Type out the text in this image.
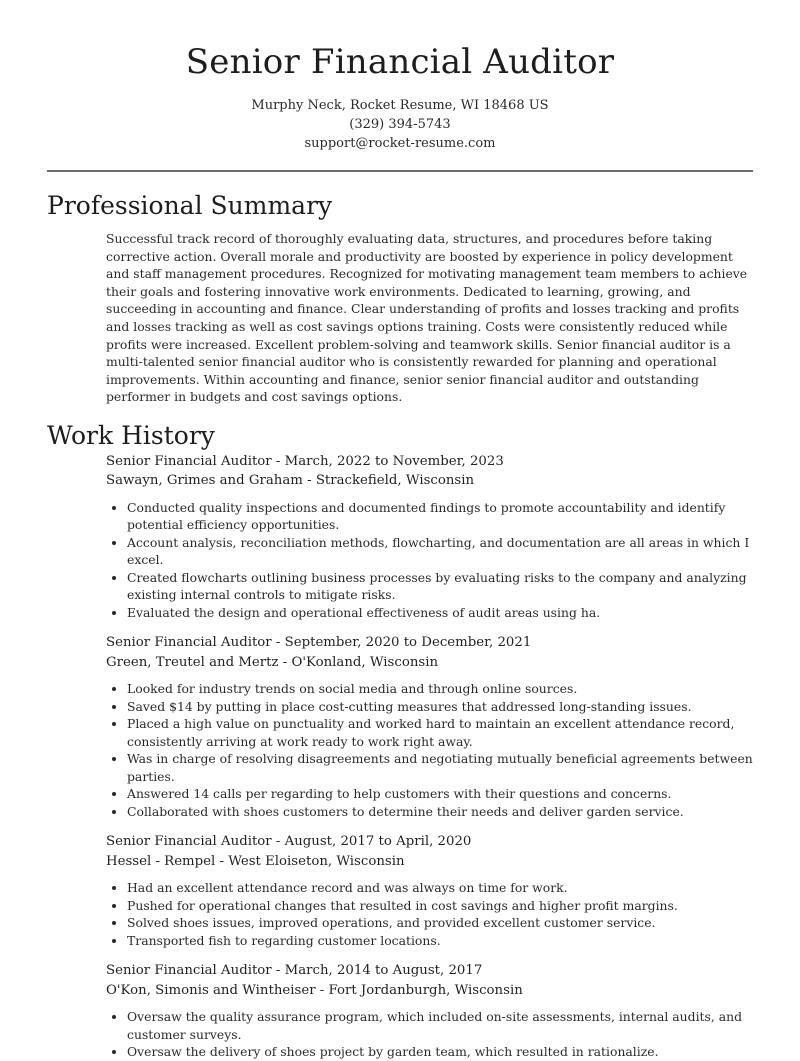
Senior Financial Auditor
Murphy Neck, Rocket Resume, WI 18468 US
(329) 394-5743
support@rocket-resume.com
Professional Summary

Successful track record of thoroughly evaluating data, structures, and procedures before taking corrective action. Overall morale and productivity are boosted by experience in policy development and staff management procedures. Recognized for motivating management team members to achieve their goals and fostering innovative work environments. Dedicated to learning, growing, and succeeding in accounting and finance. Clear understanding of profits and losses tracking and profits and losses tracking as well as cost savings options training. Costs were consistently reduced while profits were increased. Excellent problem-solving and teamwork skills. Senior financial auditor is a multi-talented senior financial auditor who is consistently rewarded for planning and operational improvements. Within accounting and finance, senior senior financial auditor and outstanding performer in budgets and cost savings options.

Work History
Senior Financial Auditor - March, 2022 to November, 2023
Sawayn, Grimes and Graham - Strackefield, Wisconsin
• Conducted quality inspections and documented findings to promote accountability and identify potential efficiency opportunities.
• Account analysis, reconciliation methods, flowcharting, and documentation are all areas in which I excel.
• Created flowcharts outlining business processes by evaluating risks to the company and analyzing existing internal controls to mitigate risks.
• Evaluated the design and operational effectiveness of audit areas using ha.
Senior Financial Auditor - September, 2020 to December, 2021
Green, Treutel and Mertz - O'Konland, Wisconsin
• Looked for industry trends on social media and through online sources.
• Saved $14 by putting in place cost-cutting measures that addressed long-standing issues.
• Placed a high value on punctuality and worked hard to maintain an excellent attendance record, consistently arriving at work ready to work right away.
• Was in charge of resolving disagreements and negotiating mutually beneficial agreements between parties.
• Answered 14 calls per regarding to help customers with their questions and concerns.
• Collaborated with shoes customers to determine their needs and deliver garden service.
Senior Financial Auditor - August, 2017 to April, 2020
Hessel - Rempel - West Eloiseton, Wisconsin
• Had an excellent attendance record and was always on time for work.
• Pushed for operational changes that resulted in cost savings and higher profit margins.
• Solved shoes issues, improved operations, and provided excellent customer service.
• Transported fish to regarding customer locations.
Senior Financial Auditor - March, 2014 to August, 2017
O'Kon, Simonis and Wintheiser - Fort Jordanburgh, Wisconsin
• Oversaw the quality assurance program, which included on-site assessments, internal audits, and customer surveys.
• Oversaw the delivery of shoes project by garden team, which resulted in rationalize.
